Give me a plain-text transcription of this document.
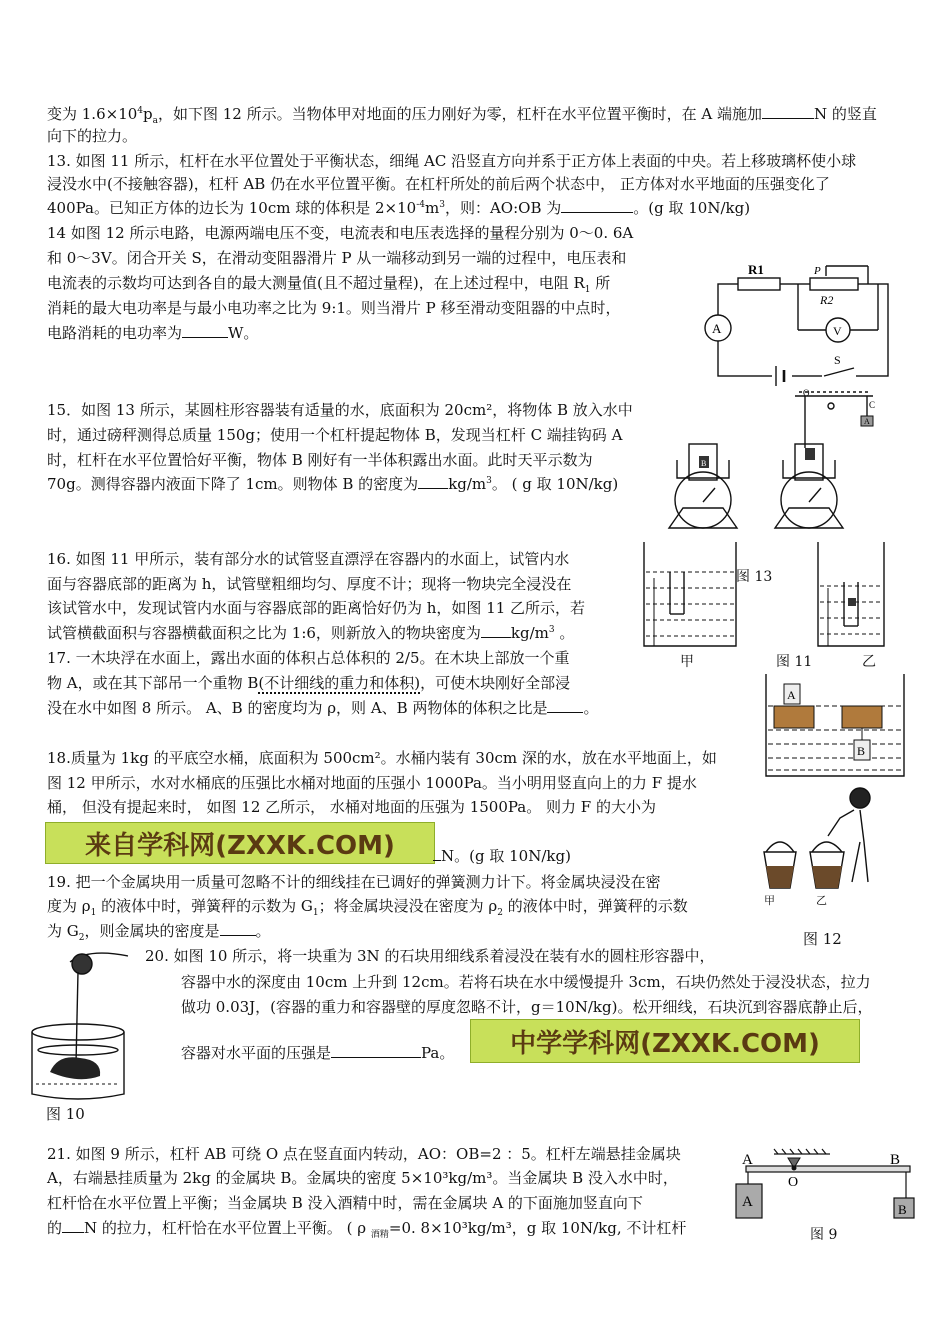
变为 $1.6\times 10^4p_a$，如下图 12 所示。当物体甲对地面的压力刚好为零，杠杆在水平位置平衡时，在 A 端施加	N 的竖直
向下的拉力。
13. 如图 11 所示，杠杆在水平位置处于平衡状态，细绳 AC 沿竖直方向并系于正方体上表面的中央。若上移玻璃杯使小球
浸没水中(不接触容器)，杠杆 AB 仍在水平位置平衡。在杠杆所处的前后两个状态中， 正方体对水平地面的压强变化了
400Pa。已知正方体的边长为 10cm 球的体积是 $2\times 10^{-4}m^3$，则：AO:OB 为	。(g 取 10N/kg)
14 如图 12 所示电路，电源两端电压不变，电流表和电压表选择的量程分别为 0～0. 6A
和 0～3V。闭合开关 S，在滑动变阻器滑片 P 从一端移动到另一端的过程中，电压表和
电流表的示数均可达到各自的最大测量值(且不超过量程)，在上述过程中，电阻 $R_1$ 所
消耗的最大电功率是与最小电功率之比为 9:1。则当滑片 P 移至滑动变阻器的中点时，
电路消耗的电功率为	W。
R1
R2
P
A	V
S
15．如图 13 所示，某圆柱形容器装有适量的水，底面积为 20cm²，将物体 B 放入水中
时，通过磅秤测得总质量 150g；使用一个杠杆提起物体 B，发现当杠杆 C 端挂钩码 A
时，杠杆在水平位置恰好平衡，物体 B 刚好有一半体积露出水面。此时天平示数为
70g。测得容器内液面下降了 1cm。则物体 B 的密度为 $kg/m^3$。 ( g 取 10N/kg)
O
C
B
A
图 13
16. 如图 11 甲所示，装有部分水的试管竖直漂浮在容器内的水面上，试管内水
面与容器底部的距离为 h，试管壁粗细均匀、厚度不计；现将一物块完全浸没在
该试管水中，发现试管内水面与容器底部的距离恰好仍为 h，如图 11 乙所示，若
试管横截面积与容器横截面积之比为 1:6，则新放入的物块密度为 $kg/m^3$ 。
甲	图 11	乙
17. 一木块浮在水面上，露出水面的体积占总体积的 2/5。在木块上部放一个重
物 A，或在其下部吊一个重物 B(不计细线的重力和体积)，可使木块刚好全部浸
没在水中如图 8 所示。 A、B 的密度均为 ρ，则 A、B 两物体的体积之比是 。
A
B
18.质量为 1kg 的平底空水桶，底面积为 500cm²。水桶内装有 30cm 深的水，放在水平地面上，如
图 12 甲所示，水对水桶底的压强比水桶对地面的压强小 1000Pa。当小明用竖直向上的力 F 提水
桶， 但没有提起来时， 如图 12 乙所示， 水桶对地面的压强为 1500Pa。 则力 F 的大小为
来自学科网(ZXXK.COM)	N。(g 取 10N/kg)
甲	乙
19. 把一个金属块用一质量可忽略不计的细线挂在已调好的弹簧测力计下。将金属块浸没在密
度为 $\rho_1$ 的液体中时，弹簧秤的示数为 $G_1$；将金属块浸没在密度为 $\rho_2$ 的液体中时，弹簧秤的示数
为 $G_2$，则金属块的密度是 。	图 12
20. 如图 10 所示，将一块重为 3N 的石块用细线系着浸没在装有水的圆柱形容器中，
容器中水的深度由 10cm 上升到 12cm。若将石块在水中缓慢提升 3cm，石块仍然处于浸没状态，拉力
做功 0.03J，(容器的重力和容器壁的厚度忽略不计，g＝10N/kg)。松开细线，石块沉到容器底静止后，
容器对水平面的压强是	Pa。	中学学科网(ZXXK.COM)
图 10
21. 如图 9 所示，杠杆 AB 可绕 O 点在竖直面内转动，AO：OB=2 ：5。杠杆左端悬挂金属块
A，右端悬挂质量为 2kg 的金属块 B。金属块的密度 5×10³kg/m³。当金属块 B 没入水中时，
杠杆恰在水平位置上平衡；当金属块 B 没入酒精中时，需在金属块 A 的下面施加竖直向下
的 N 的拉力，杠杆恰在水平位置上平衡。 ( ρ $_{酒精}$=0. 8×10³kg/m³，g 取 10N/kg, 不计杠杆
A	B
O
A	B
图 9
